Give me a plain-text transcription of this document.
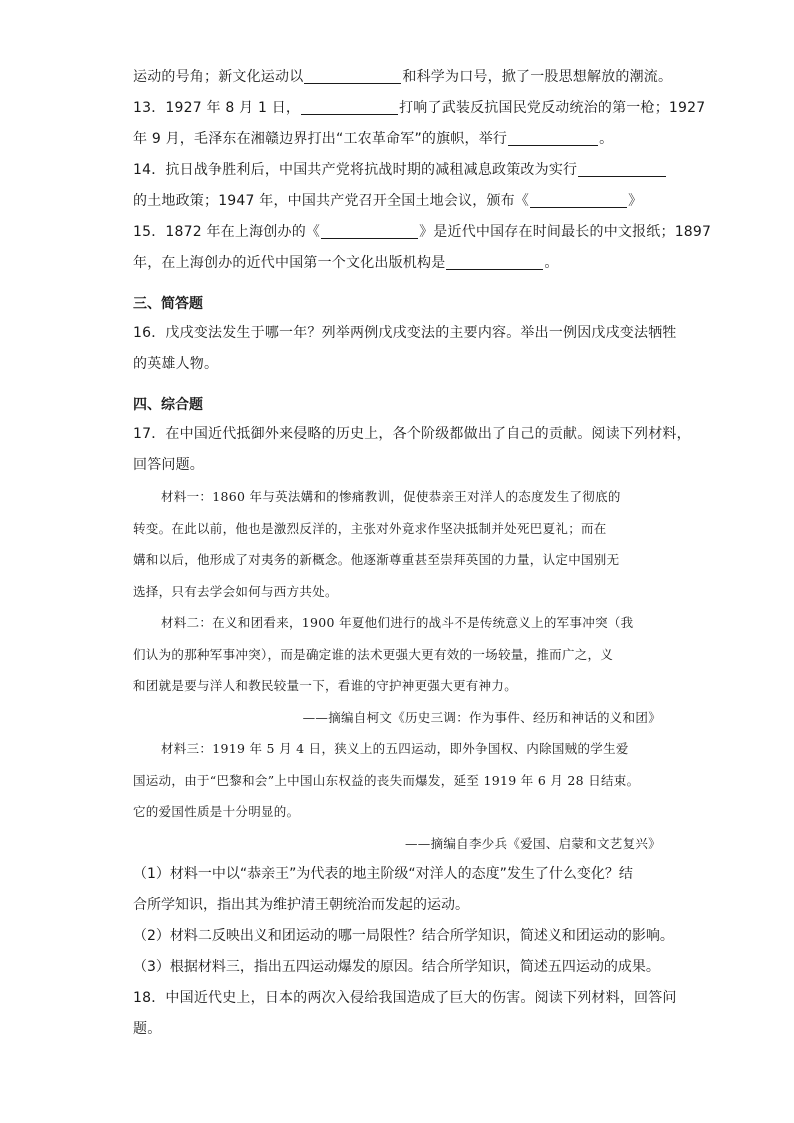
运动的号角；新文化运动以	和科学为口号，掀了一股思想解放的潮流。
13．1927 年 8 月 1 日，	打响了武装反抗国民党反动统治的第一枪；1927
年 9 月，毛泽东在湘赣边界打出“工农革命军”的旗帜，举行	。
14．抗日战争胜利后，中国共产党将抗战时期的减租减息政策改为实行
的土地政策；1947 年，中国共产党召开全国土地会议，颁布《	》
15．1872 年在上海创办的《	》是近代中国存在时间最长的中文报纸；1897
年，在上海创办的近代中国第一个文化出版机构是	。
三、简答题
16．戊戌变法发生于哪一年？列举两例戊戌变法的主要内容。举出一例因戊戌变法牺牲
的英雄人物。
四、综合题
17．在中国近代抵御外来侵略的历史上，各个阶级都做出了自己的贡献。阅读下列材料，
回答问题。
材料一：1860 年与英法媾和的惨痛教训，促使恭亲王对洋人的态度发生了彻底的
转变。在此以前，他也是激烈反洋的，主张对外竟求作坚决抵制并处死巴夏礼；而在
媾和以后，他形成了对夷务的新概念。他逐渐尊重甚至崇拜英国的力量，认定中国别无
选择，只有去学会如何与西方共处。
材料二：在义和团看来，1900 年夏他们进行的战斗不是传统意义上的军事冲突（我
们认为的那种军事冲突），而是确定谁的法术更强大更有效的一场较量，推而广之，义
和团就是要与洋人和教民较量一下，看谁的守护神更强大更有神力。
——摘编自柯文《历史三调：作为事件、经历和神话的义和团》
材料三：1919 年 5 月 4 日，狭义上的五四运动，即外争国权、内除国贼的学生爱
国运动，由于“巴黎和会”上中国山东权益的丧失而爆发，延至 1919 年 6 月 28 日结束。
它的爱国性质是十分明显的。
——摘编自李少兵《爱国、启蒙和文艺复兴》
（1）材料一中以“恭亲王”为代表的地主阶级“对洋人的态度”发生了什么变化？结
合所学知识，指出其为维护清王朝统治而发起的运动。
（2）材料二反映出义和团运动的哪一局限性？结合所学知识，简述义和团运动的影响。
（3）根据材料三，指出五四运动爆发的原因。结合所学知识，简述五四运动的成果。
18．中国近代史上，日本的两次入侵给我国造成了巨大的伤害。阅读下列材料，回答问
题。
